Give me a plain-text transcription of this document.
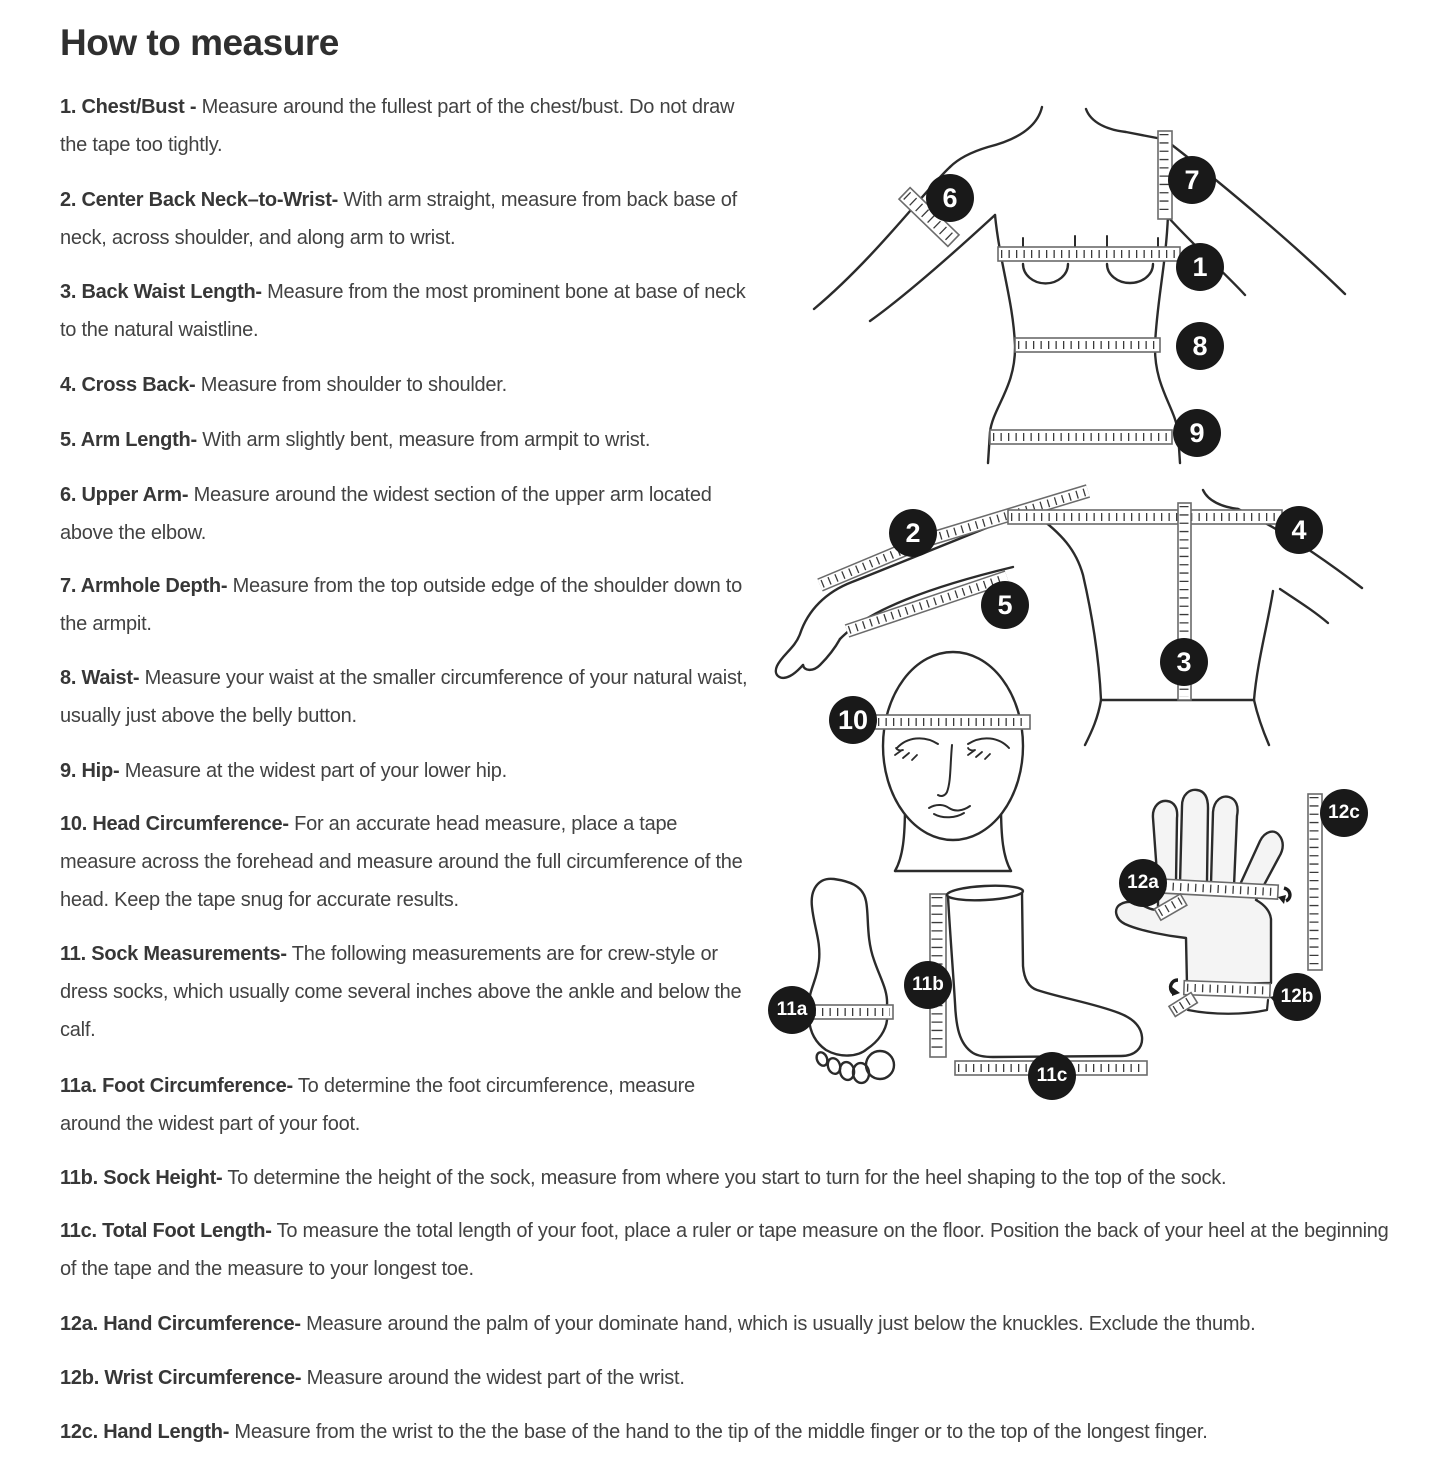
How to measure

1. Chest/Bust - Measure around the fullest part of the chest/bust. Do not draw the tape too tightly.

2. Center Back Neck–to-Wrist- With arm straight, measure from back base of neck, across shoulder, and along arm to wrist.

3. Back Waist Length- Measure from the most prominent bone at base of neck to the natural waistline.

4. Cross Back- Measure from shoulder to shoulder.

5. Arm Length- With arm slightly bent, measure from armpit to wrist.

6. Upper Arm- Measure around the widest section of the upper arm located above the elbow.

7. Armhole Depth- Measure from the top outside edge of the shoulder down to the armpit.

8. Waist- Measure your waist at the smaller circumference of your natural waist, usually just above the belly button.

9. Hip- Measure at the widest part of your lower hip.

10. Head Circumference- For an accurate head measure, place a tape measure across the forehead and measure around the full circumference of the head. Keep the tape snug for accurate results.

11. Sock Measurements- The following measurements are for crew-style or dress socks, which usually come several inches above the ankle and below the calf.

11a. Foot Circumference- To determine the foot circumference, measure around the widest part of your foot.

11b. Sock Height- To determine the height of the sock, measure from where you start to turn for the heel shaping to the top of the sock.

11c. Total Foot Length- To measure the total length of your foot, place a ruler or tape measure on the floor. Position the back of your heel at the beginning of the tape and the measure to your longest toe.

12a. Hand Circumference- Measure around the palm of your dominate hand, which is usually just below the knuckles. Exclude the thumb.

12b. Wrist Circumference- Measure around the widest part of the wrist.

12c. Hand Length- Measure from the wrist to the the base of the hand to the tip of the middle finger or to the top of the longest finger.

1
2
3
4
5
6
7
8
9
10
11a
11b
11c
12a
12b
12c
